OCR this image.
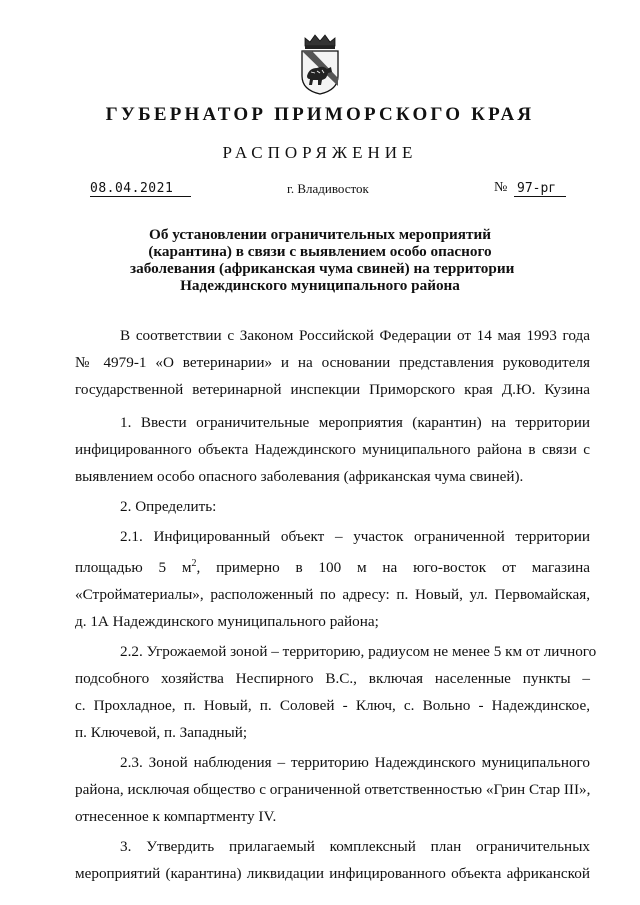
ГУБЕРНАТОР ПРИМОРСКОГО КРАЯ
РАСПОРЯЖЕНИЕ
08.04.2021	г. Владивосток	№ 97-рг
Об установлении ограничительных мероприятий
(карантина) в связи с выявлением особо опасного
заболевания (африканская чума свиней) на территории
Надеждинского муниципального района
В соответствии с Законом Российской Федерации от 14 мая 1993 года
№ 4979-1 «О ветеринарии» и на основании представления руководителя
государственной ветеринарной инспекции Приморского края Д.Ю. Кузина
1. Ввести ограничительные мероприятия (карантин) на территории
инфицированного объекта Надеждинского муниципального района в связи с
выявлением особо опасного заболевания (африканская чума свиней).
2. Определить:
2.1. Инфицированный объект – участок ограниченной территории
площадью 5 $м^2$, примерно в 100 м на юго-восток от магазина
«Стройматериалы», расположенный по адресу: п. Новый, ул. Первомайская,
д. 1А Надеждинского муниципального района;
2.2. Угрожаемой зоной – территорию, радиусом не менее 5 км от личного
подсобного хозяйства Неспирного В.С., включая населенные пункты –
с. Прохладное, п. Новый, п. Соловей - Ключ, с. Вольно - Надеждинское,
п. Ключевой, п. Западный;
2.3. Зоной наблюдения – территорию Надеждинского муниципального
района, исключая общество с ограниченной ответственностью «Грин Стар III»,
отнесенное к компартменту IV.
3. Утвердить прилагаемый комплексный план ограничительных
мероприятий (карантина) ликвидации инфицированного объекта африканской
